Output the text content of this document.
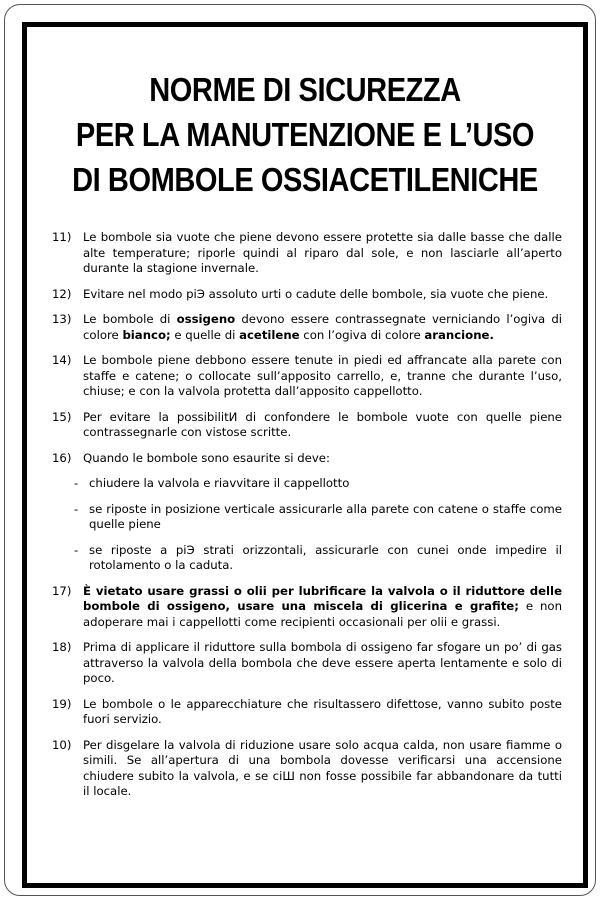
NORME DI SICUREZZA
PER LA MANUTENZIONE E L’USO
DI BOMBOLE OSSIACETILENICHE
11) Le bombole sia vuote che piene devono essere protette sia dalle basse che dalle alte temperature; riporle quindi al riparo dal sole, e non lasciarle all’aperto durante la stagione invernale.
12) Evitare nel modo piЭ assoluto urti o cadute delle bombole, sia vuote che piene.
13) Le bombole di ossigeno devono essere contrassegnate verniciando l’ogiva di colore bianco; e quelle di acetilene con l’ogiva di colore arancione.
14) Le bombole piene debbono essere tenute in piedi ed affrancate alla parete con staffe e catene; o collocate sull’apposito carrello, e, tranne che durante l’uso, chiuse; e con la valvola protetta dall’apposito cappellotto.
15) Per evitare la possibilitИ di confondere le bombole vuote con quelle piene contrassegnarle con vistose scritte.
16) Quando le bombole sono esaurite si deve:
- chiudere la valvola e riavvitare il cappellotto
- se riposte in posizione verticale assicurarle alla parete con catene o staffe come quelle piene
- se riposte a piЭ strati orizzontali, assicurarle con cunei onde impedire il rotolamento o la caduta.
17) È vietato usare grassi o olii per lubrificare la valvola o il riduttore delle bombole di ossigeno, usare una miscela di glicerina e grafite; e non adoperare mai i cappellotti come recipienti occasionali per olii e grassi.
18) Prima di applicare il riduttore sulla bombola di ossigeno far sfogare un po’ di gas attraverso la valvola della bombola che deve essere aperta lentamente e solo di poco.
19) Le bombole o le apparecchiature che risultassero difettose, vanno subito poste fuori servizio.
10) Per disgelare la valvola di riduzione usare solo acqua calda, non usare fiamme o simili. Se all’apertura di una bombola dovesse verificarsi una accensione chiudere subito la valvola, e se ciШ non fosse possibile far abbandonare da tutti il locale.
